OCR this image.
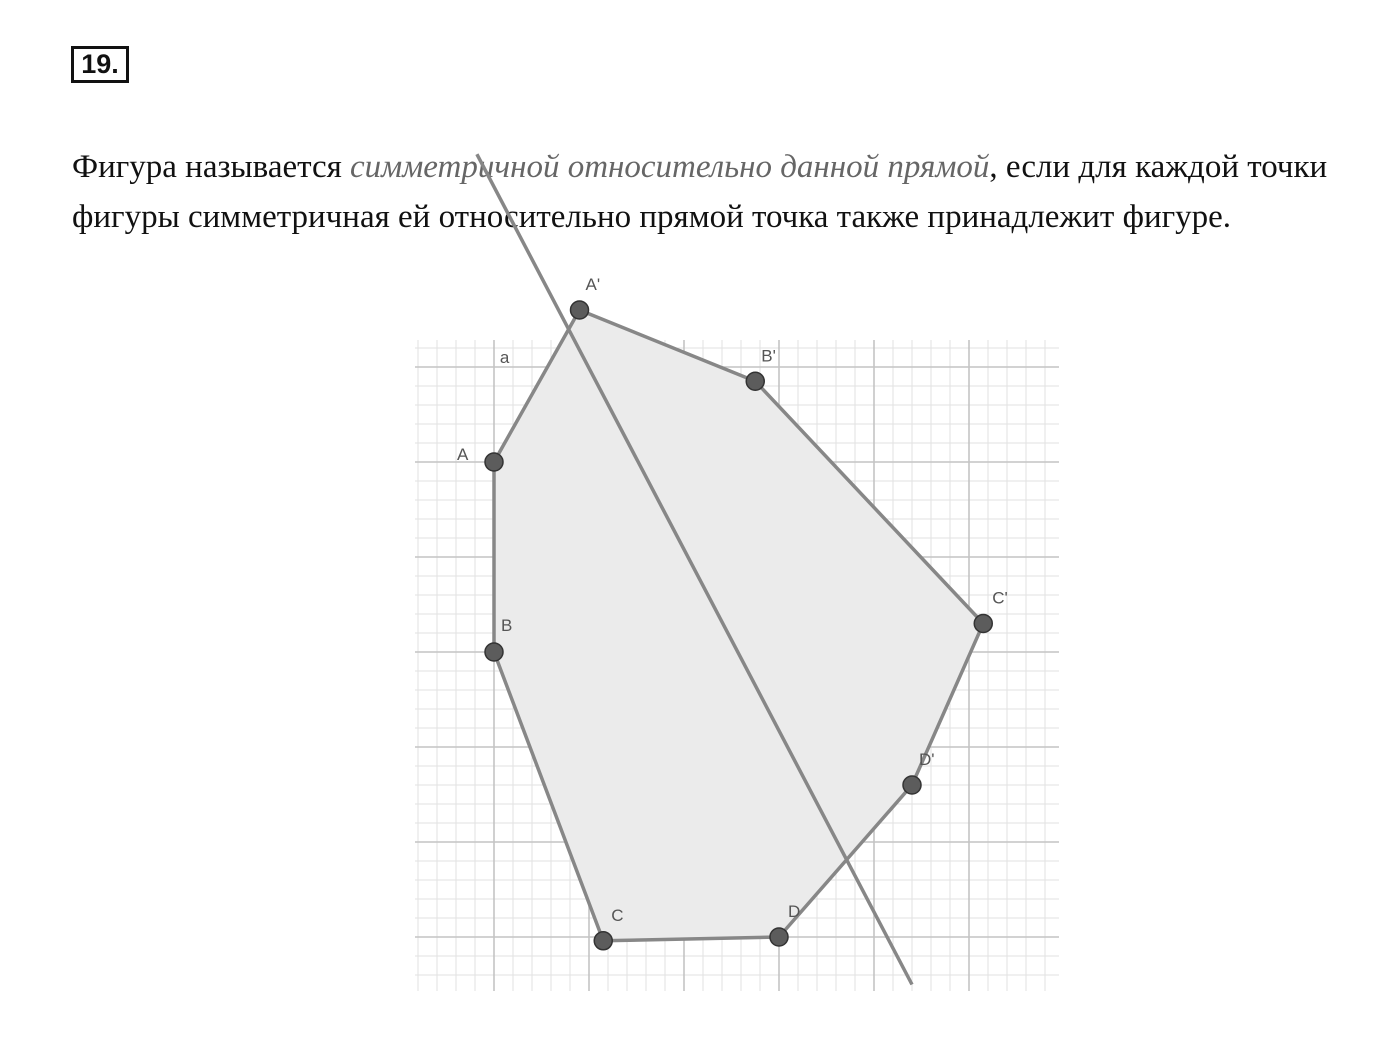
19.

Фигура называется симметричной относительно данной прямой, если для каждой точки фигуры симметричная ей относительно прямой точка также принадлежит фигуре.

a
A'
B'
C'
D'
D
C
B
A
